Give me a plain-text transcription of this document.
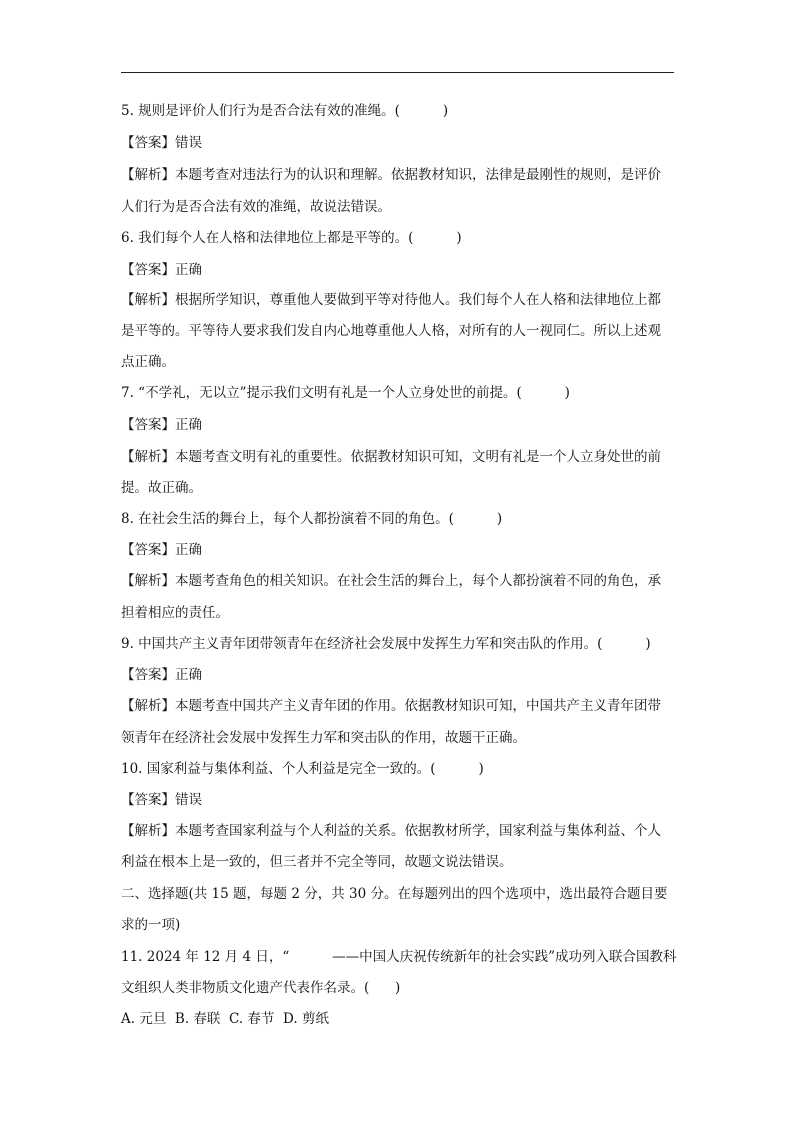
5. 规则是评价人们行为是否合法有效的准绳。(          )
【答案】错误
【解析】本题考查对违法行为的认识和理解。依据教材知识，法律是最刚性的规则，是评价
人们行为是否合法有效的准绳，故说法错误。
6. 我们每个人在人格和法律地位上都是平等的。(          )
【答案】正确
【解析】根据所学知识，尊重他人要做到平等对待他人。我们每个人在人格和法律地位上都
是平等的。平等待人要求我们发自内心地尊重他人人格，对所有的人一视同仁。所以上述观
点正确。
7. “不学礼，无以立”提示我们文明有礼是一个人立身处世的前提。(          )
【答案】正确
【解析】本题考查文明有礼的重要性。依据教材知识可知，文明有礼是一个人立身处世的前
提。故正确。
8. 在社会生活的舞台上，每个人都扮演着不同的角色。(          )
【答案】正确
【解析】本题考查角色的相关知识。在社会生活的舞台上，每个人都扮演着不同的角色，承
担着相应的责任。
9. 中国共产主义青年团带领青年在经济社会发展中发挥生力军和突击队的作用。(          )
【答案】正确
【解析】本题考查中国共产主义青年团的作用。依据教材知识可知，中国共产主义青年团带
领青年在经济社会发展中发挥生力军和突击队的作用，故题干正确。
10. 国家利益与集体利益、个人利益是完全一致的。(          )
【答案】错误
【解析】本题考查国家利益与个人利益的关系。依据教材所学，国家利益与集体利益、个人
利益在根本上是一致的，但三者并不完全等同，故题文说法错误。
二、选择题(共 15 题，每题 2 分，共 30 分。在每题列出的四个选项中，选出最符合题目要
求的一项)
11. 2024 年 12 月 4 日，“          ——中国人庆祝传统新年的社会实践”成功列入联合国教科
文组织人类非物质文化遗产代表作名录。(      )
A. 元旦  B. 春联  C. 春节  D. 剪纸
